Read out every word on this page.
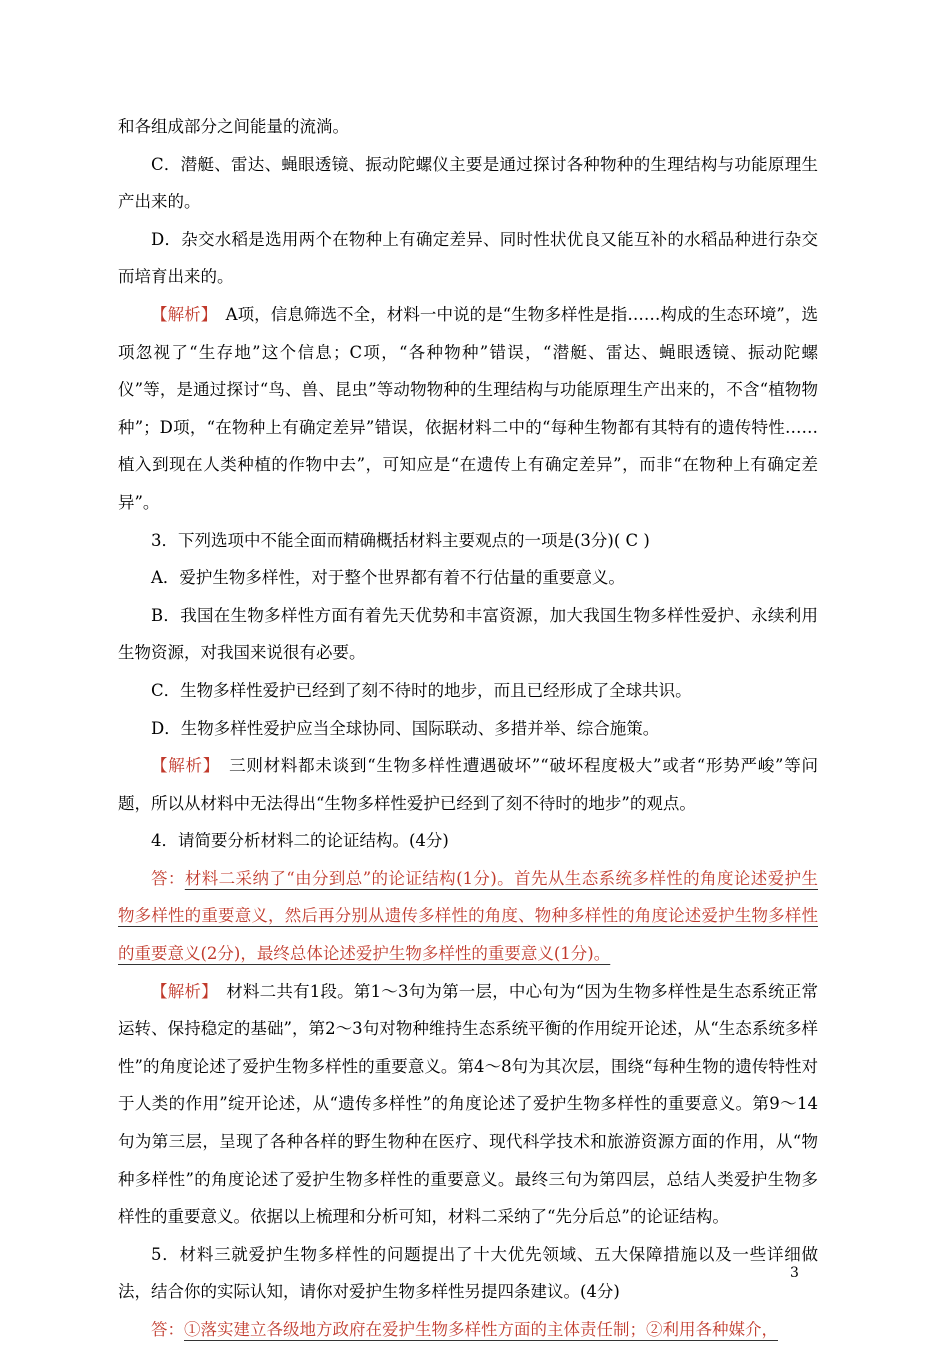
和各组成部分之间能量的流淌。

C．潜艇、雷达、蝇眼透镜、振动陀螺仪主要是通过探讨各种物种的生理结构与功能原理生产出来的。

D．杂交水稻是选用两个在物种上有确定差异、同时性状优良又能互补的水稻品种进行杂交而培育出来的。

【解析】　A项，信息筛选不全，材料一中说的是“生物多样性是指……构成的生态环境”，选项忽视了“生存地”这个信息；C项，“各种物种”错误，“潜艇、雷达、蝇眼透镜、振动陀螺仪”等，是通过探讨“鸟、兽、昆虫”等动物物种的生理结构与功能原理生产出来的，不含“植物物种”；D项，“在物种上有确定差异”错误，依据材料二中的“每种生物都有其特有的遗传特性……植入到现在人类种植的作物中去”，可知应是“在遗传上有确定差异”，而非“在物种上有确定差异”。

3．下列选项中不能全面而精确概括材料主要观点的一项是(3分)( C )

A．爱护生物多样性，对于整个世界都有着不行估量的重要意义。

B．我国在生物多样性方面有着先天优势和丰富资源，加大我国生物多样性爱护、永续利用生物资源，对我国来说很有必要。

C．生物多样性爱护已经到了刻不待时的地步，而且已经形成了全球共识。

D．生物多样性爱护应当全球协同、国际联动、多措并举、综合施策。

【解析】　三则材料都未谈到“生物多样性遭遇破坏”“破坏程度极大”或者“形势严峻”等问题，所以从材料中无法得出“生物多样性爱护已经到了刻不待时的地步”的观点。

4．请简要分析材料二的论证结构。(4分)

答：材料二采纳了“由分到总”的论证结构(1分)。首先从生态系统多样性的角度论述爱护生物多样性的重要意义，然后再分别从遗传多样性的角度、物种多样性的角度论述爱护生物多样性的重要意义(2分)，最终总体论述爱护生物多样性的重要意义(1分)。

【解析】　材料二共有1段。第1～3句为第一层，中心句为“因为生物多样性是生态系统正常运转、保持稳定的基础”，第2～3句对物种维持生态系统平衡的作用绽开论述，从“生态系统多样性”的角度论述了爱护生物多样性的重要意义。第4～8句为其次层，围绕“每种生物的遗传特性对于人类的作用”绽开论述，从“遗传多样性”的角度论述了爱护生物多样性的重要意义。第9～14句为第三层，呈现了各种各样的野生物种在医疗、现代科学技术和旅游资源方面的作用，从“物种多样性”的角度论述了爱护生物多样性的重要意义。最终三句为第四层，总结人类爱护生物多样性的重要意义。依据以上梳理和分析可知，材料二采纳了“先分后总”的论证结构。

5．材料三就爱护生物多样性的问题提出了十大优先领域、五大保障措施以及一些详细做法，结合你的实际认知，请你对爱护生物多样性另提四条建议。(4分)

答：①落实建立各级地方政府在爱护生物多样性方面的主体责任制；②利用各种媒介，

3
